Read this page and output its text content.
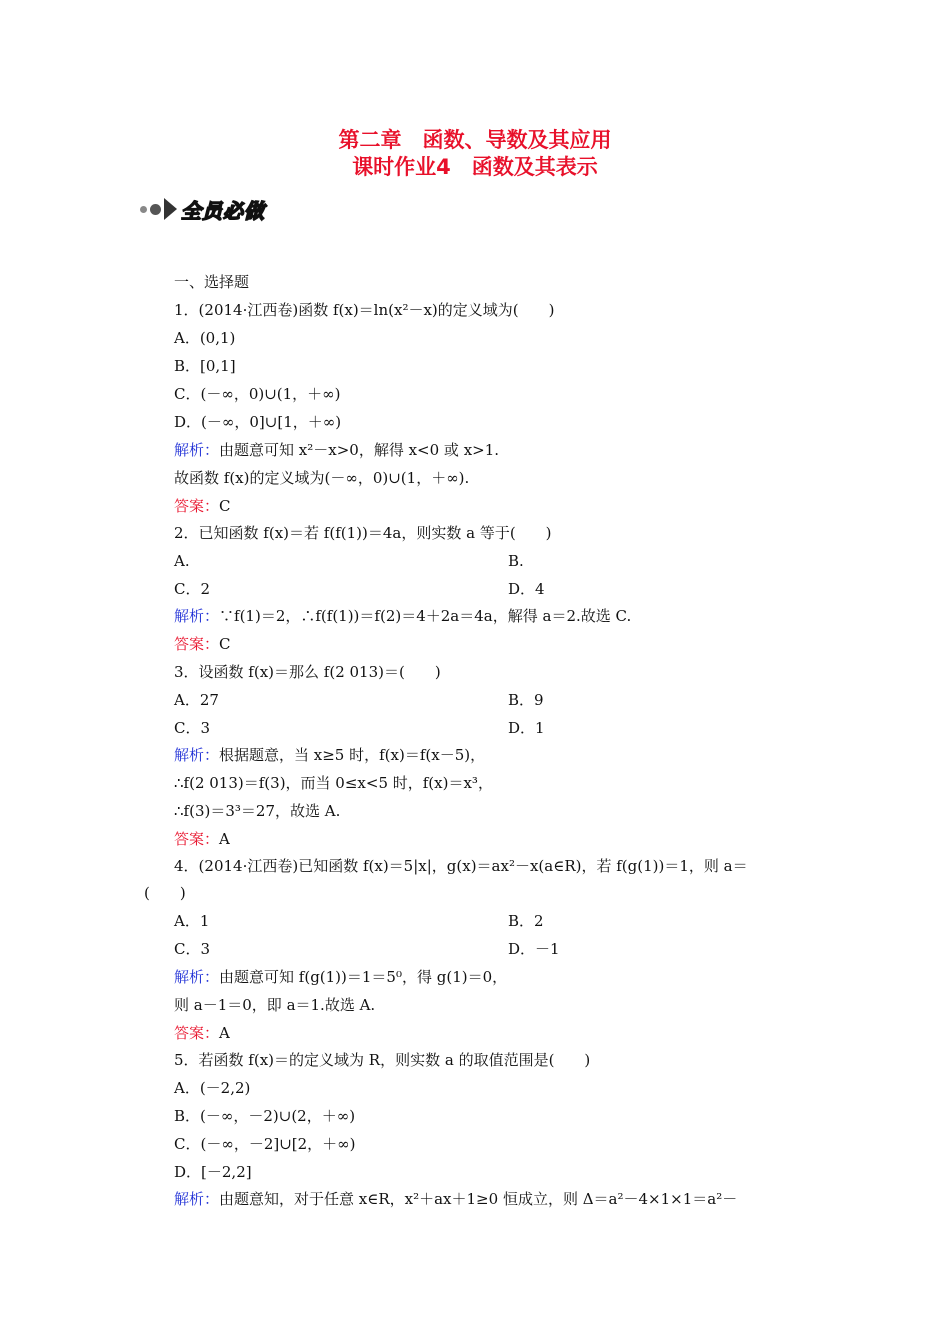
第二章　函数、导数及其应用
课时作业4　函数及其表示
全员必做
一、选择题
1．(2014·江西卷)函数 f(x)＝ln(x²－x)的定义域为(　　)
A．(0,1)
B．[0,1]
C．(－∞，0)∪(1，＋∞)
D．(－∞，0]∪[1，＋∞)
解析：由题意可知 x²－x>0，解得 x<0 或 x>1.
故函数 f(x)的定义域为(－∞，0)∪(1，＋∞).
答案：C
2．已知函数 f(x)＝若 f(f(1))＝4a，则实数 a 等于(　　)
A.	B.
C．2	D．4
解析：∵f(1)＝2，∴f(f(1))＝f(2)＝4＋2a＝4a，解得 a＝2.故选 C.
答案：C
3．设函数 f(x)＝那么 f(2 013)＝(　　)
A．27	B．9
C．3	D．1
解析：根据题意，当 x≥5 时，f(x)＝f(x－5)，
∴f(2 013)＝f(3)，而当 0≤x<5 时，f(x)＝x³，
∴f(3)＝3³＝27，故选 A.
答案：A
4．(2014·江西卷)已知函数 f(x)＝5|x|，g(x)＝ax²－x(a∈R)，若 f(g(1))＝1，则 a＝
(　　)
A．1	B．2
C．3	D．－1
解析：由题意可知 f(g(1))＝1＝5⁰，得 g(1)＝0，
则 a－1＝0，即 a＝1.故选 A.
答案：A
5．若函数 f(x)＝的定义域为 R，则实数 a 的取值范围是(　　)
A．(－2,2)
B．(－∞，－2)∪(2，＋∞)
C．(－∞，－2]∪[2，＋∞)
D．[－2,2]
解析：由题意知，对于任意 x∈R，x²＋ax＋1≥0 恒成立，则 Δ＝a²－4×1×1＝a²－
